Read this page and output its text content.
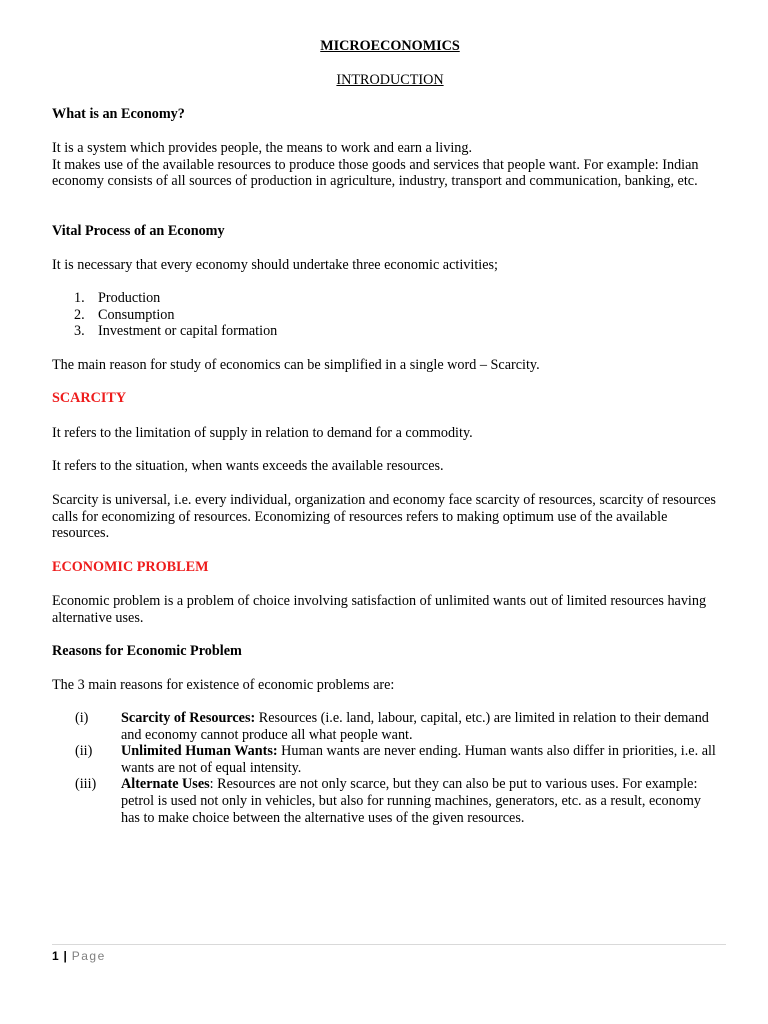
MICROECONOMICS

INTRODUCTION

What is an Economy?

It is a system which provides people, the means to work and earn a living.

It makes use of the available resources to produce those goods and services that people want. For example: Indian economy consists of all sources of production in agriculture, industry, transport and communication, banking, etc.

Vital Process of an Economy

It is necessary that every economy should undertake three economic activities;

1. Production
2. Consumption
3. Investment or capital formation

The main reason for study of economics can be simplified in a single word – Scarcity.

SCARCITY

It refers to the limitation of supply in relation to demand for a commodity.

It refers to the situation, when wants exceeds the available resources.

Scarcity is universal, i.e. every individual, organization and economy face scarcity of resources, scarcity of resources calls for economizing of resources. Economizing of resources refers to making optimum use of the available resources.

ECONOMIC PROBLEM

Economic problem is a problem of choice involving satisfaction of unlimited wants out of limited resources having alternative uses.

Reasons for Economic Problem

The 3 main reasons for existence of economic problems are:

(i) Scarcity of Resources: Resources (i.e. land, labour, capital, etc.) are limited in relation to their demand and economy cannot produce all what people want.
(ii) Unlimited Human Wants: Human wants are never ending. Human wants also differ in priorities, i.e. all wants are not of equal intensity.
(iii) Alternate Uses: Resources are not only scarce, but they can also be put to various uses. For example: petrol is used not only in vehicles, but also for running machines, generators, etc. as a result, economy has to make choice between the alternative uses of the given resources.
1 | Page
